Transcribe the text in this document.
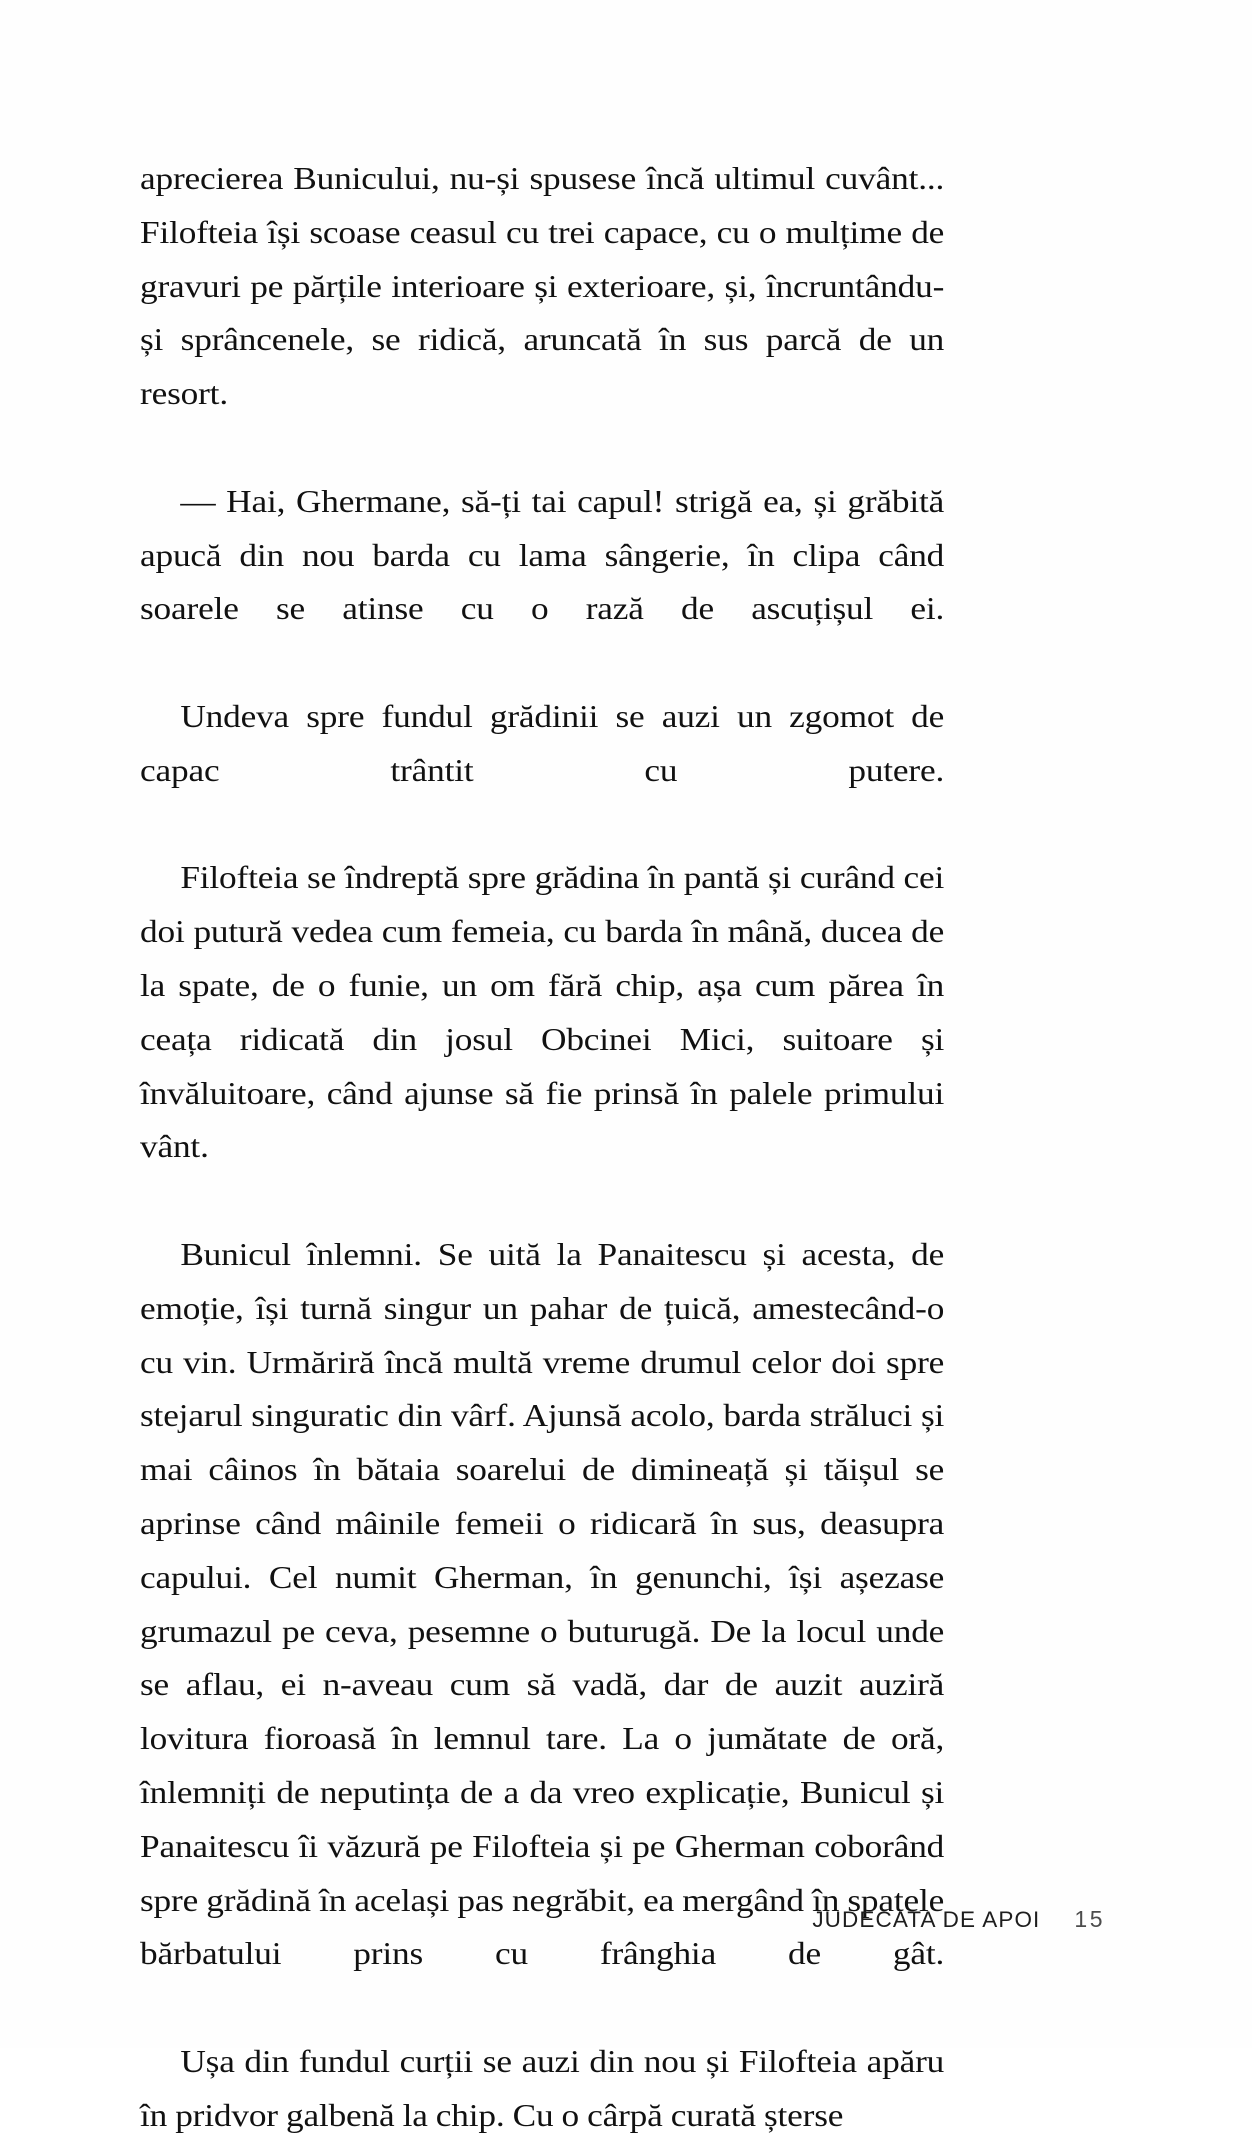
aprecierea Bunicului, nu-și spusese încă ultimul cuvânt... Filofteia își scoase ceasul cu trei capace, cu o mulțime de gravuri pe părțile interioare și exterioare, și, încruntându-și sprâncenele, se ridică, aruncată în sus parcă de un resort.

— Hai, Ghermane, să-ți tai capul! strigă ea, și grăbită apucă din nou barda cu lama sângerie, în clipa când soarele se atinse cu o rază de ascuțișul ei.

Undeva spre fundul grădinii se auzi un zgomot de capac trântit cu putere.

Filofteia se îndreptă spre grădina în pantă și curând cei doi putură vedea cum femeia, cu barda în mână, ducea de la spate, de o funie, un om fără chip, așa cum părea în ceața ridicată din josul Obcinei Mici, suitoare și învăluitoare, când ajunse să fie prinsă în palele primului vânt.

Bunicul înlemni. Se uită la Panaitescu și acesta, de emoție, își turnă singur un pahar de țuică, amestecând-o cu vin. Urmăriră încă multă vreme drumul celor doi spre stejarul singuratic din vârf. Ajunsă acolo, barda străluci și mai câinos în bătaia soarelui de dimineață și tăișul se aprinse când mâinile femeii o ridicară în sus, deasupra capului. Cel numit Gherman, în genunchi, își așezase grumazul pe ceva, pesemne o buturugă. De la locul unde se aflau, ei n-aveau cum să vadă, dar de auzit auziră lovitura fioroasă în lemnul tare. La o jumătate de oră, înlemniți de neputința de a da vreo explicație, Bunicul și Panaitescu îi văzură pe Filofteia și pe Gherman coborând spre grădină în același pas negrăbit, ea mergând în spatele bărbatului prins cu frânghia de gât.

Ușa din fundul curții se auzi din nou și Filofteia apăru în pridvor galbenă la chip. Cu o cârpă curată șterse

JUDECATA DE APOI 15
